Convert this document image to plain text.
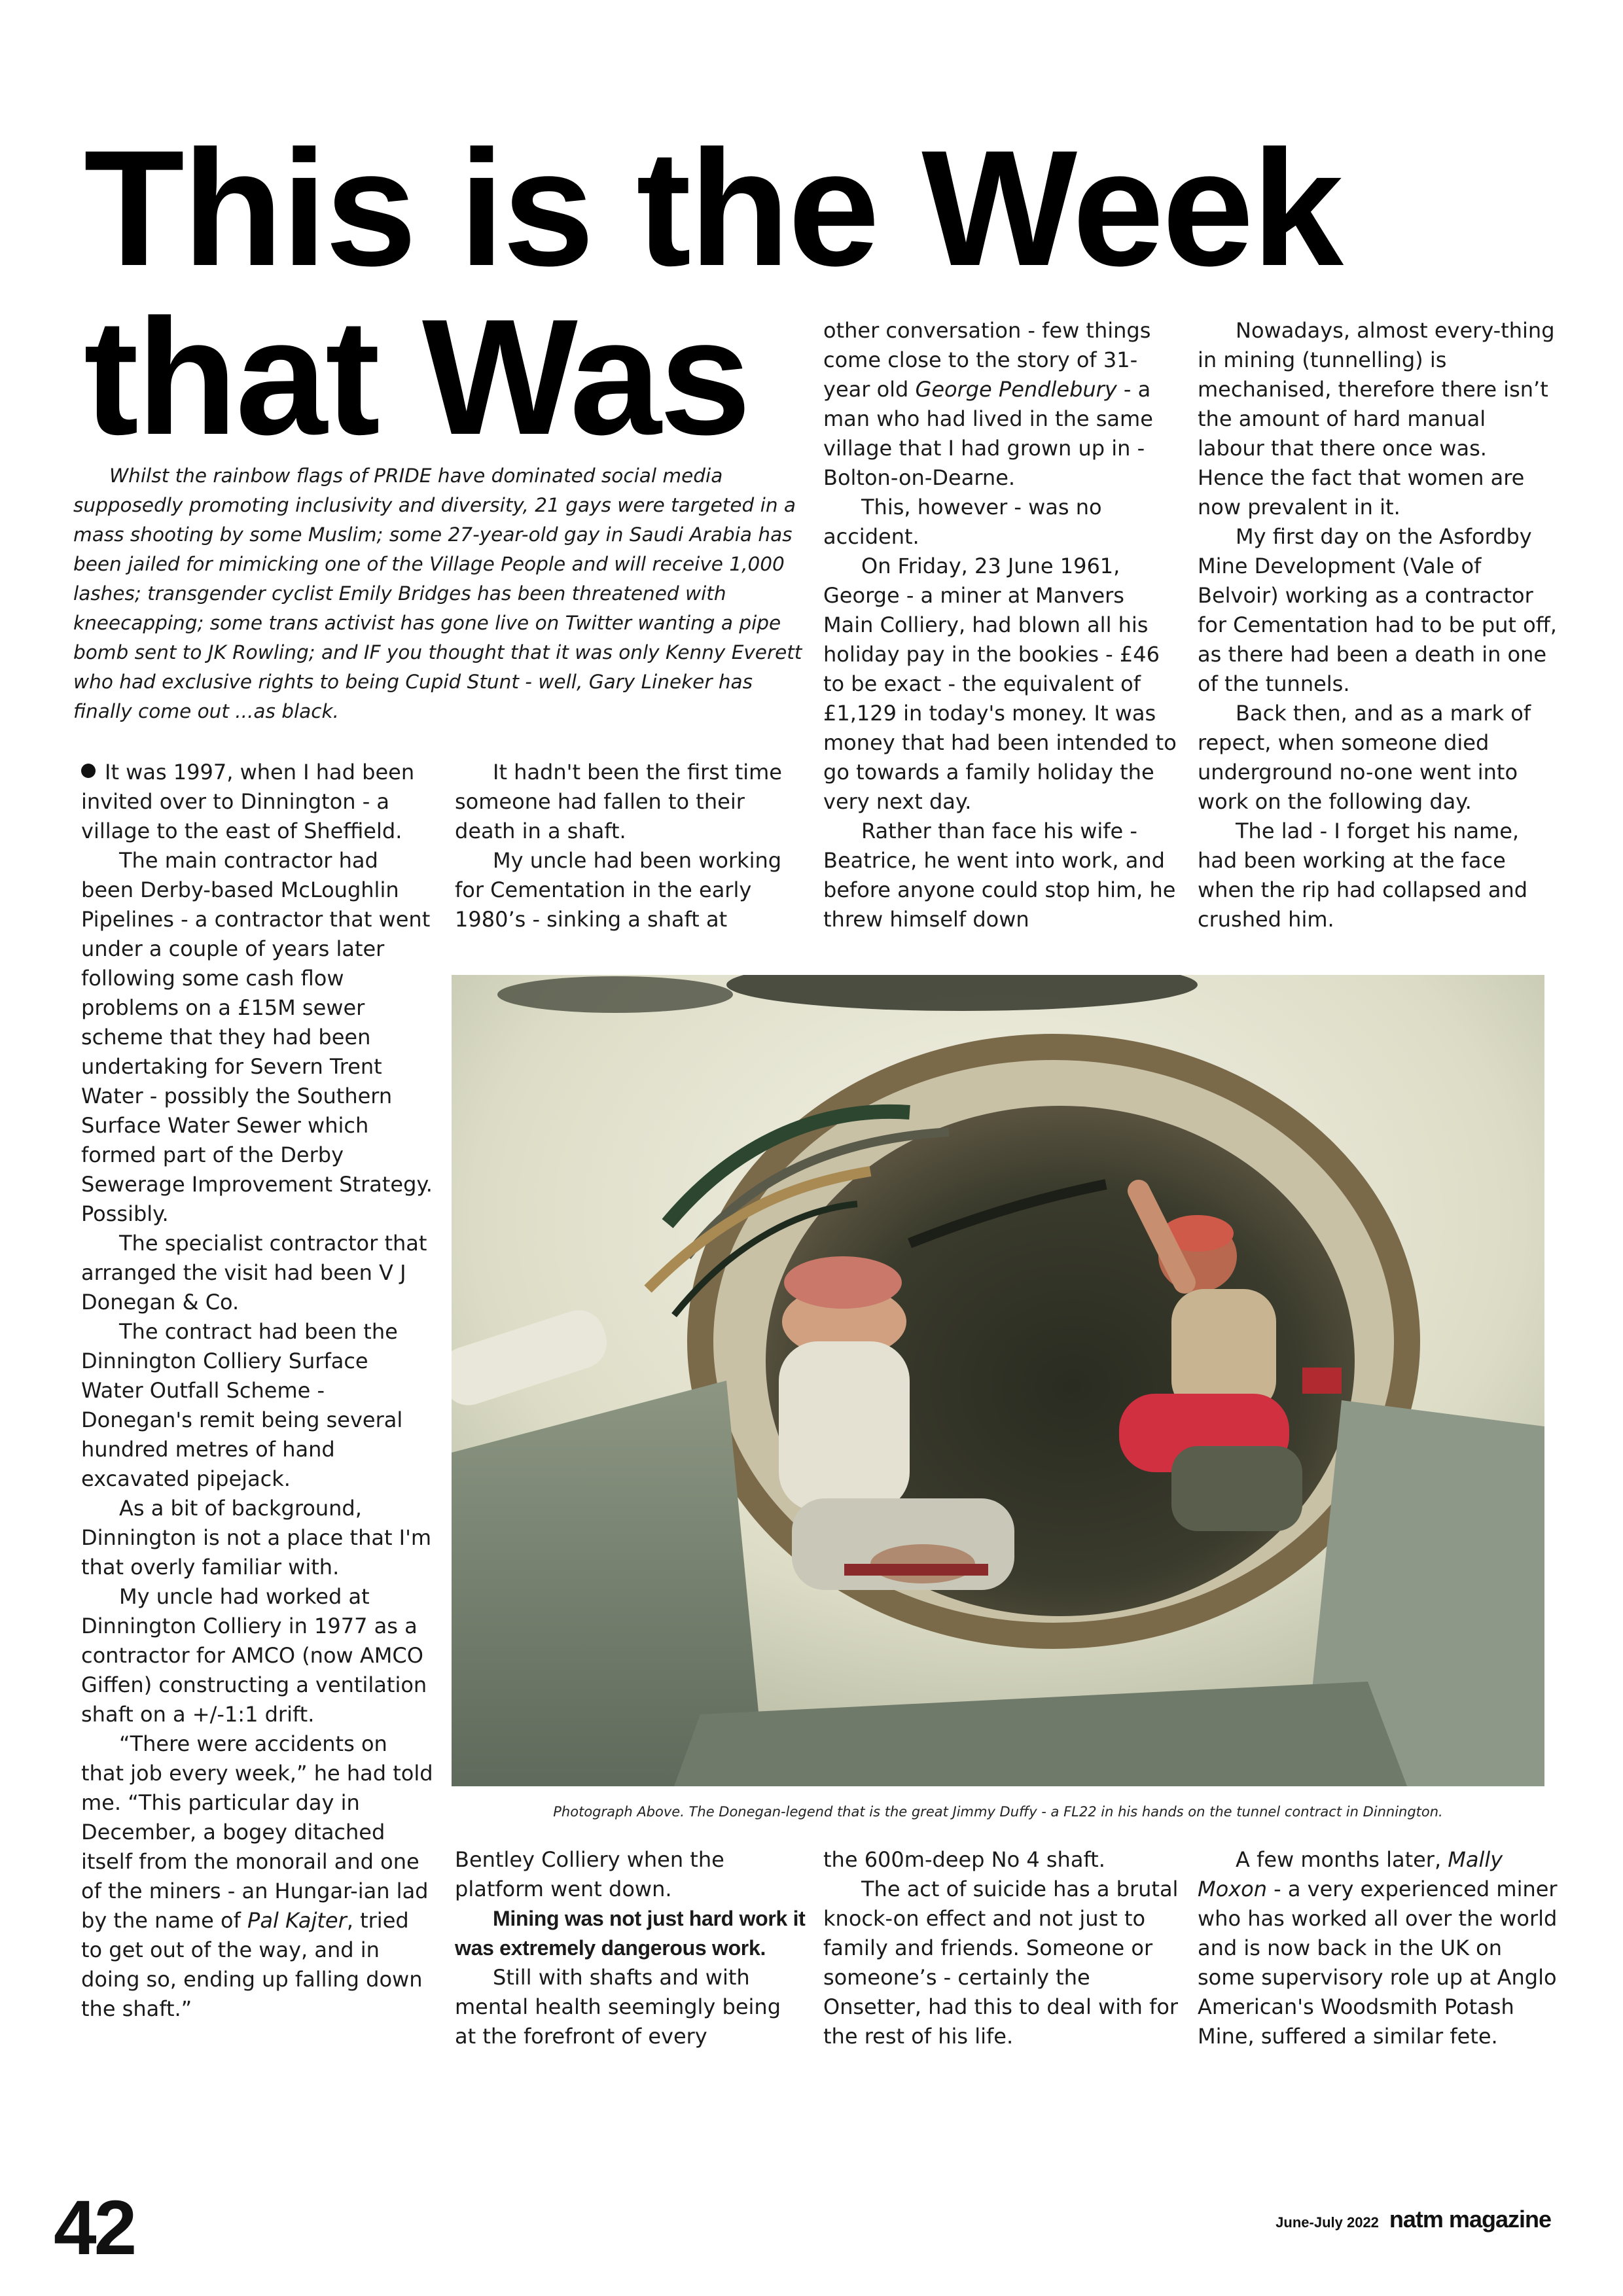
This is the Week
that Was

Whilst the rainbow flags of PRIDE have dominated social media supposedly promoting inclusivity and diversity, 21 gays were targeted in a mass shooting by some Muslim; some 27-year-old gay in Saudi Arabia has been jailed for mimicking one of the Village People and will receive 1,000 lashes; transgender cyclist Emily Bridges has been threatened with kneecapping; some trans activist has gone live on Twitter wanting a pipe bomb sent to JK Rowling; and IF you thought that it was only Kenny Everett who had exclusive rights to being Cupid Stunt - well, Gary Lineker has finally come out ...as black.

It was 1997, when I had been invited over to Dinnington - a village to the east of Sheffield.

The main contractor had been Derby-based McLoughlin Pipelines - a contractor that went under a couple of years later following some cash flow problems on a £15M sewer scheme that they had been undertaking for Severn Trent Water - possibly the Southern Surface Water Sewer which formed part of the Derby Sewerage Improvement Strategy. Possibly.

The specialist contractor that arranged the visit had been V J Donegan & Co.

The contract had been the Dinnington Colliery Surface Water Outfall Scheme - Donegan's remit being several hundred metres of hand excavated pipejack.

As a bit of background, Dinnington is not a place that I'm that overly familiar with.

My uncle had worked at Dinnington Colliery in 1977 as a contractor for AMCO (now AMCO Giffen) constructing a ventilation shaft on a +/-1:1 drift.

“There were accidents on that job every week,” he had told me. “This particular day in December, a bogey ditached itself from the monorail and one of the miners - an Hungar-ian lad by the name of Pal Kajter, tried to get out of the way, and in doing so, ending up falling down the shaft.”

It hadn't been the first time someone had fallen to their death in a shaft.

My uncle had been working for Cementation in the early 1980’s - sinking a shaft at

other conversation - few things come close to the story of 31-year old George Pendlebury - a man who had lived in the same village that I had grown up in - Bolton-on-Dearne.

This, however - was no accident.

On Friday, 23 June 1961, George - a miner at Manvers Main Colliery, had blown all his holiday pay in the bookies - £46 to be exact - the equivalent of £1,129 in today's money. It was money that had been intended to go towards a family holiday the very next day.

Rather than face his wife - Beatrice, he went into work, and before anyone could stop him, he threw himself down

Nowadays, almost every-thing in mining (tunnelling) is mechanised, therefore there isn’t the amount of hard manual labour that there once was. Hence the fact that women are now prevalent in it.

My first day on the Asfordby Mine Development (Vale of Belvoir) working as a contractor for Cementation had to be put off, as there had been a death in one of the tunnels.

Back then, and as a mark of repect, when someone died underground no-one went into work on the following day.

The lad - I forget his name, had been working at the face when the rip had collapsed and crushed him.

Photograph Above. The Donegan-legend that is the great Jimmy Duffy - a FL22 in his hands on the tunnel contract in Dinnington.

Bentley Colliery when the platform went down.

Mining was not just hard work it was extremely dangerous work.

Still with shafts and with mental health seemingly being at the forefront of every

the 600m-deep No 4 shaft.

The act of suicide has a brutal knock-on effect and not just to family and friends. Someone or someone’s - certainly the Onsetter, had this to deal with for the rest of his life.

A few months later, Mally Moxon - a very experienced miner who has worked all over the world and is now back in the UK on some supervisory role up at Anglo American's Woodsmith Potash Mine, suffered a similar fete.

42	June-July 2022 natm magazine
